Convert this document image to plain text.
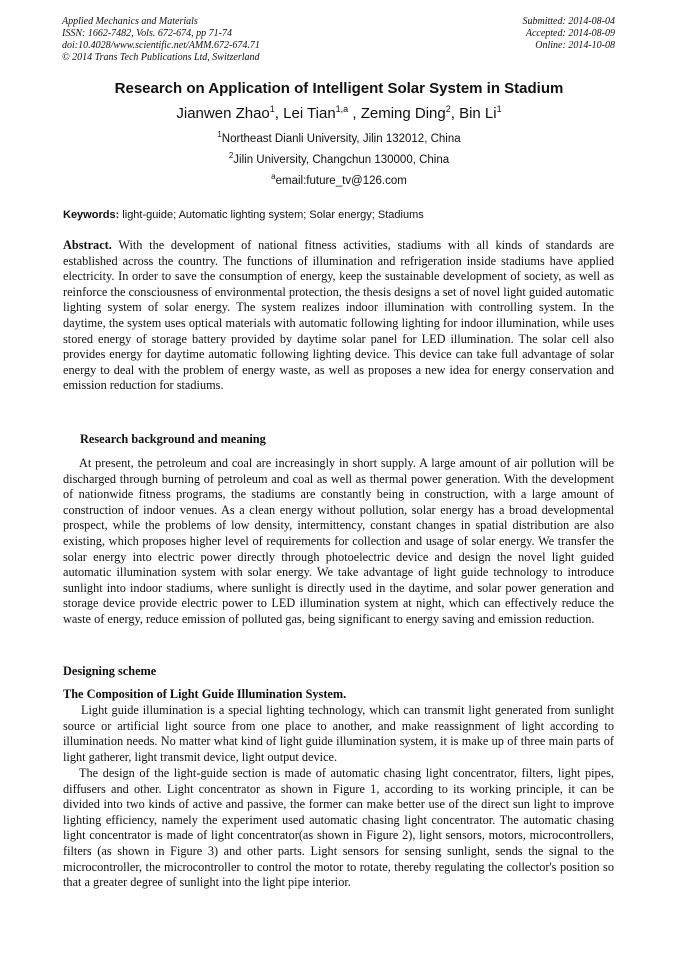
Applied Mechanics and Materials
ISSN: 1662-7482, Vols. 672-674, pp 71-74
doi:10.4028/www.scientific.net/AMM.672-674.71
© 2014 Trans Tech Publications Ltd, Switzerland
Submitted: 2014-08-04
Accepted: 2014-08-09
Online: 2014-10-08
Research on Application of Intelligent Solar System in Stadium
Jianwen Zhao$^1$, Lei Tian$^{1,a}$ , Zeming Ding$^2$, Bin Li$^1$
$^1$Northeast Dianli University, Jilin 132012, China
$^2$Jilin University, Changchun 130000, China
$^a$email:future_tv@126.com
Keywords: light-guide; Automatic lighting system; Solar energy; Stadiums
Abstract. With the development of national fitness activities, stadiums with all kinds of standards are established across the country. The functions of illumination and refrigeration inside stadiums have applied electricity. In order to save the consumption of energy, keep the sustainable development of society, as well as reinforce the consciousness of environmental protection, the thesis designs a set of novel light guided automatic lighting system of solar energy. The system realizes indoor illumination with controlling system. In the daytime, the system uses optical materials with automatic following lighting for indoor illumination, while uses stored energy of storage battery provided by daytime solar panel for LED illumination. The solar cell also provides energy for daytime automatic following lighting device. This device can take full advantage of solar energy to deal with the problem of energy waste, as well as proposes a new idea for energy conservation and emission reduction for stadiums.
Research background and meaning
At present, the petroleum and coal are increasingly in short supply. A large amount of air pollution will be discharged through burning of petroleum and coal as well as thermal power generation. With the development of nationwide fitness programs, the stadiums are constantly being in construction, with a large amount of construction of indoor venues. As a clean energy without pollution, solar energy has a broad developmental prospect, while the problems of low density, intermittency, constant changes in spatial distribution are also existing, which proposes higher level of requirements for collection and usage of solar energy. We transfer the solar energy into electric power directly through photoelectric device and design the novel light guided automatic illumination system with solar energy. We take advantage of light guide technology to introduce sunlight into indoor stadiums, where sunlight is directly used in the daytime, and solar power generation and storage device provide electric power to LED illumination system at night, which can effectively reduce the waste of energy, reduce emission of polluted gas, being significant to energy saving and emission reduction.
Designing scheme
The Composition of Light Guide Illumination System.
Light guide illumination is a special lighting technology, which can transmit light generated from sunlight source or artificial light source from one place to another, and make reassignment of light according to illumination needs. No matter what kind of light guide illumination system, it is make up of three main parts of light gatherer, light transmit device, light output device.
The design of the light-guide section is made of automatic chasing light concentrator, filters, light pipes, diffusers and other. Light concentrator as shown in Figure 1, according to its working principle, it can be divided into two kinds of active and passive, the former can make better use of the direct sun light to improve lighting efficiency, namely the experiment used automatic chasing light concentrator. The automatic chasing light concentrator is made of light concentrator(as shown in Figure 2), light sensors, motors, microcontrollers, filters (as shown in Figure 3) and other parts. Light sensors for sensing sunlight, sends the signal to the microcontroller, the microcontroller to control the motor to rotate, thereby regulating the collector's position so that a greater degree of sunlight into the light pipe interior.
